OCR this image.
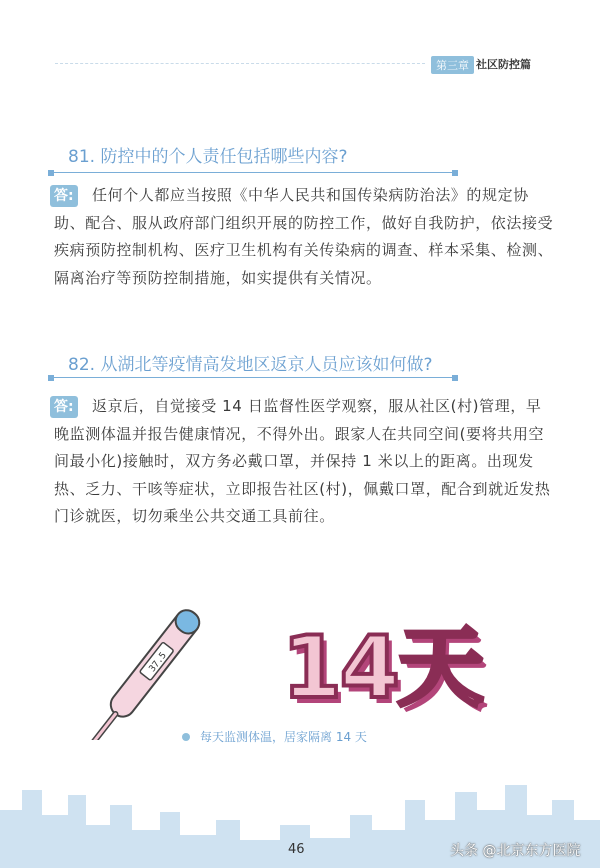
第三章 社区防控篇
81. 防控中的个人责任包括哪些内容?
答:	任何个人都应当按照《中华人民共和国传染病防治法》的规定协助、配合、服从政府部门组织开展的防控工作，做好自我防护，依法接受疾病预防控制机构、医疗卫生机构有关传染病的调查、样本采集、检测、隔离治疗等预防控制措施，如实提供有关情况。
82. 从湖北等疫情高发地区返京人员应该如何做?
答:	返京后，自觉接受 14 日监督性医学观察，服从社区(村)管理，早晚监测体温并报告健康情况，不得外出。跟家人在共同空间(要将共用空间最小化)接触时，双方务必戴口罩，并保持 1 米以上的距离。出现发热、乏力、干咳等症状，立即报告社区(村)，佩戴口罩，配合到就近发热门诊就医，切勿乘坐公共交通工具前往。
37.5 14天
每天监测体温，居家隔离 14 天
46	头条 @北京东方医院
